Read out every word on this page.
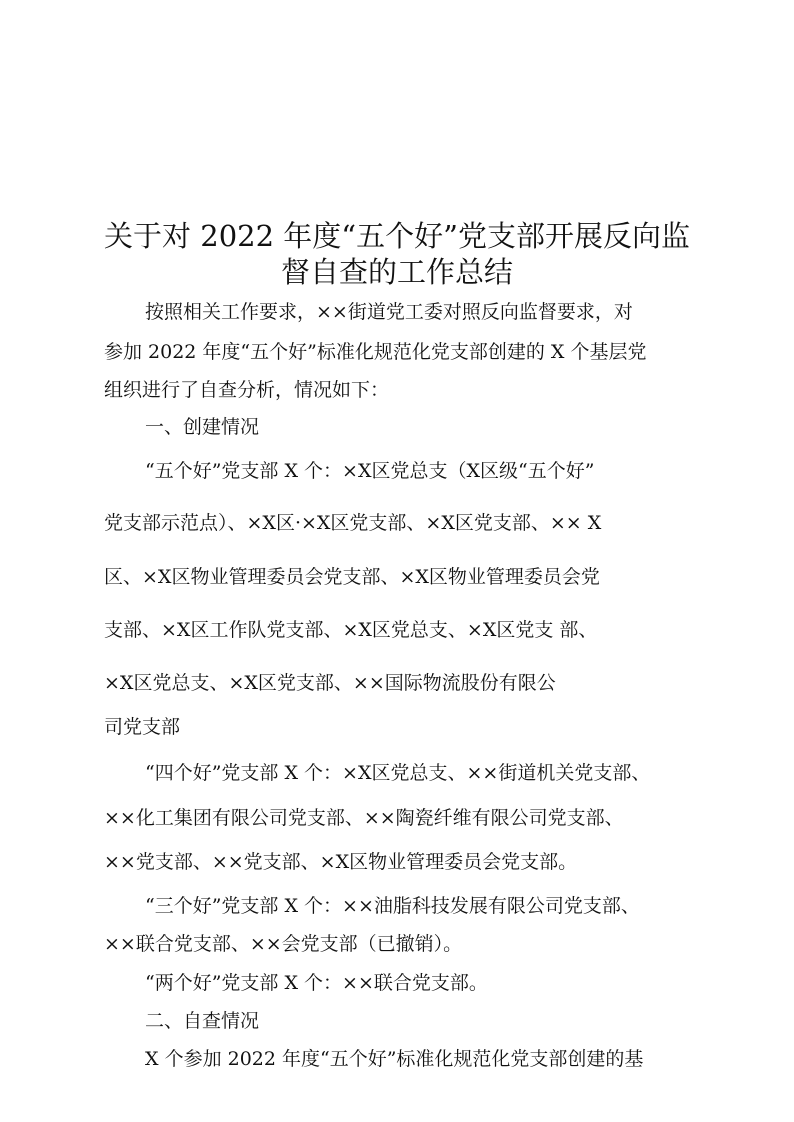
关于对 2022 年度“五个好”党支部开展反向监
督自查的工作总结

按照相关工作要求，××街道党工委对照反向监督要求，对

参加 2022 年度“五个好”标准化规范化党支部创建的 X 个基层党

组织进行了自查分析，情况如下：

一、创建情况

“五个好”党支部 X 个：×X区党总支（X区级“五个好”

党支部示范点）、×X区·×X区党支部、×X区党支部、×× X

区、×X区物业管理委员会党支部、×X区物业管理委员会党

支部、×X区工作队党支部、×X区党总支、×X区党支 部、

×X区党总支、×X区党支部、××国际物流股份有限公

司党支部

“四个好”党支部 X 个：×X区党总支、××街道机关党支部、

××化工集团有限公司党支部、××陶瓷纤维有限公司党支部、

××党支部、××党支部、×X区物业管理委员会党支部。

“三个好”党支部 X 个：××油脂科技发展有限公司党支部、

××联合党支部、××会党支部（已撤销）。

“两个好”党支部 X 个：××联合党支部。

二、自查情况

X 个参加 2022 年度“五个好”标准化规范化党支部创建的基
